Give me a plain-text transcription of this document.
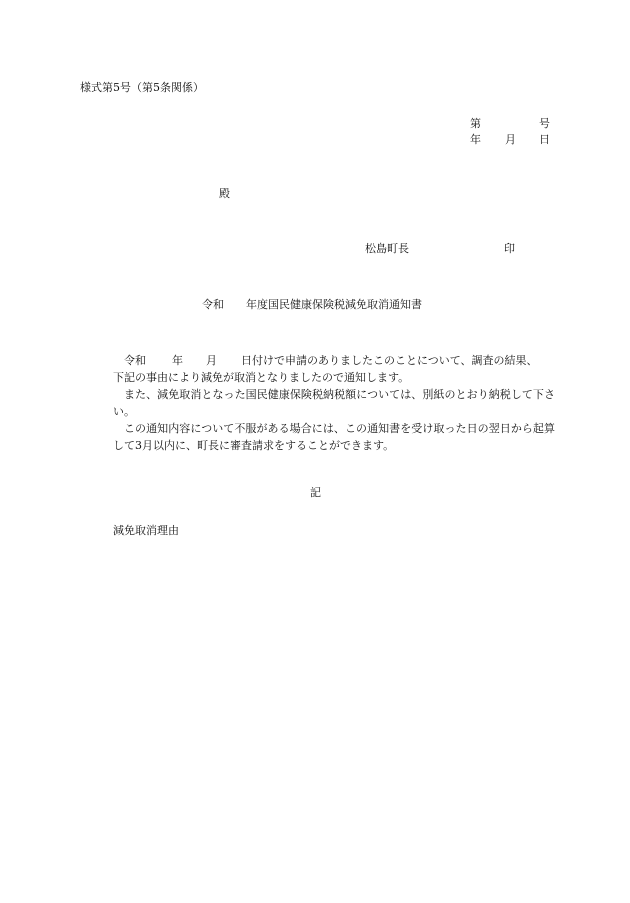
様式第5号（第5条関係）
第	号
年 月 日
殿
松島町長	印
令和 年度国民健康保険税減免取消通知書
令和 年 月 日付けで申請のありましたこのことについて、調査の結果、
下記の事由により減免が取消となりましたので通知します。

また、減免取消となった国民健康保険税納税額については、別紙のとおり納税して下さい。

この通知内容について不服がある場合には、この通知書を受け取った日の翌日から起算して3月以内に、町長に審査請求をすることができます。

記
減免取消理由
